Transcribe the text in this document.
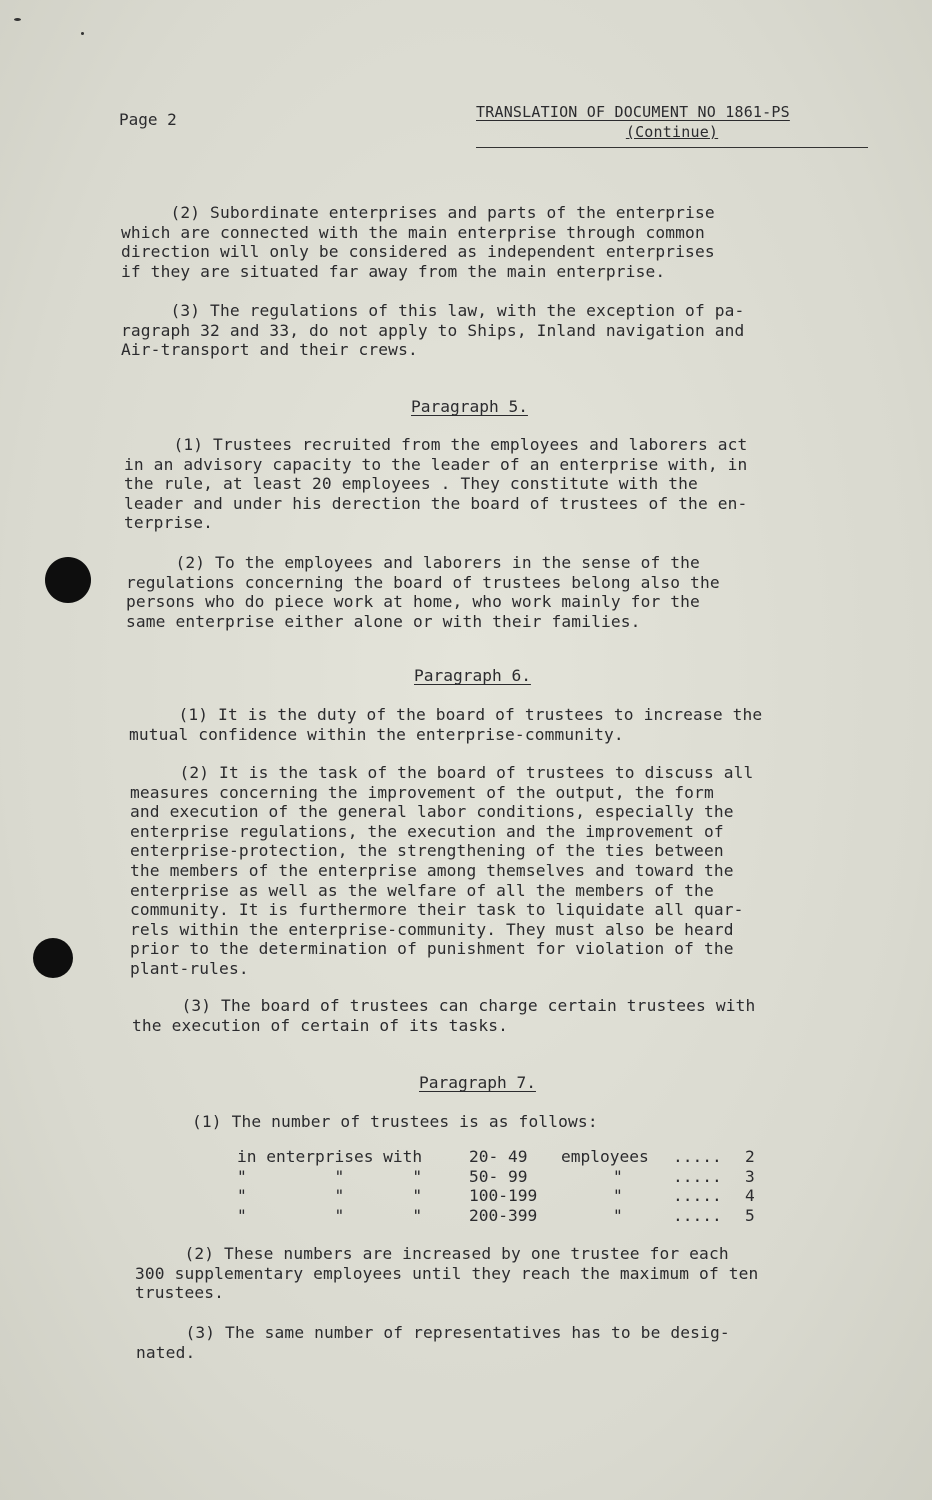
Page 2	TRANSLATION OF DOCUMENT NO 1861-PS
(Continue)
(2) Subordinate enterprises and parts of the enterprise
which are connected with the main enterprise through common
direction will only be considered as independent enterprises
if they are situated far away from the main enterprise.
(3) The regulations of this law, with the exception of pa-
ragraph 32 and 33, do not apply to Ships, Inland navigation and
Air-transport and their crews.
Paragraph 5.
(1) Trustees recruited from the employees and laborers act
in an advisory capacity to the leader of an enterprise with, in
the rule, at least 20 employees . They constitute with the
leader and under his derection the board of trustees of the en-
terprise.
(2) To the employees and laborers in the sense of the
regulations concerning the board of trustees belong also the
persons who do piece work at home, who work mainly for the
same enterprise either alone or with their families.
Paragraph 6.
(1) It is the duty of the board of trustees to increase the
mutual confidence within the enterprise-community.
(2) It is the task of the board of trustees to discuss all
measures concerning the improvement of the output, the form
and execution of the general labor conditions, especially the
enterprise regulations, the execution and the improvement of
enterprise-protection, the strengthening of the ties between
the members of the enterprise among themselves and toward the
enterprise as well as the welfare of all the members of the
community. It is furthermore their task to liquidate all quar-
rels within the enterprise-community. They must also be heard
prior to the determination of punishment for violation of the
plant-rules.
(3) The board of trustees can charge certain trustees with
the execution of certain of its tasks.
Paragraph 7.
(1) The number of trustees is as follows:
in enterprises with	20- 49	employees	.....	2
"         "       "	50- 99	"	.....	3
"         "       "	100-199	"	.....	4
"         "       "	200-399	"	.....	5
(2) These numbers are increased by one trustee for each
300 supplementary employees until they reach the maximum of ten
trustees.
(3) The same number of representatives has to be desig-
nated.
